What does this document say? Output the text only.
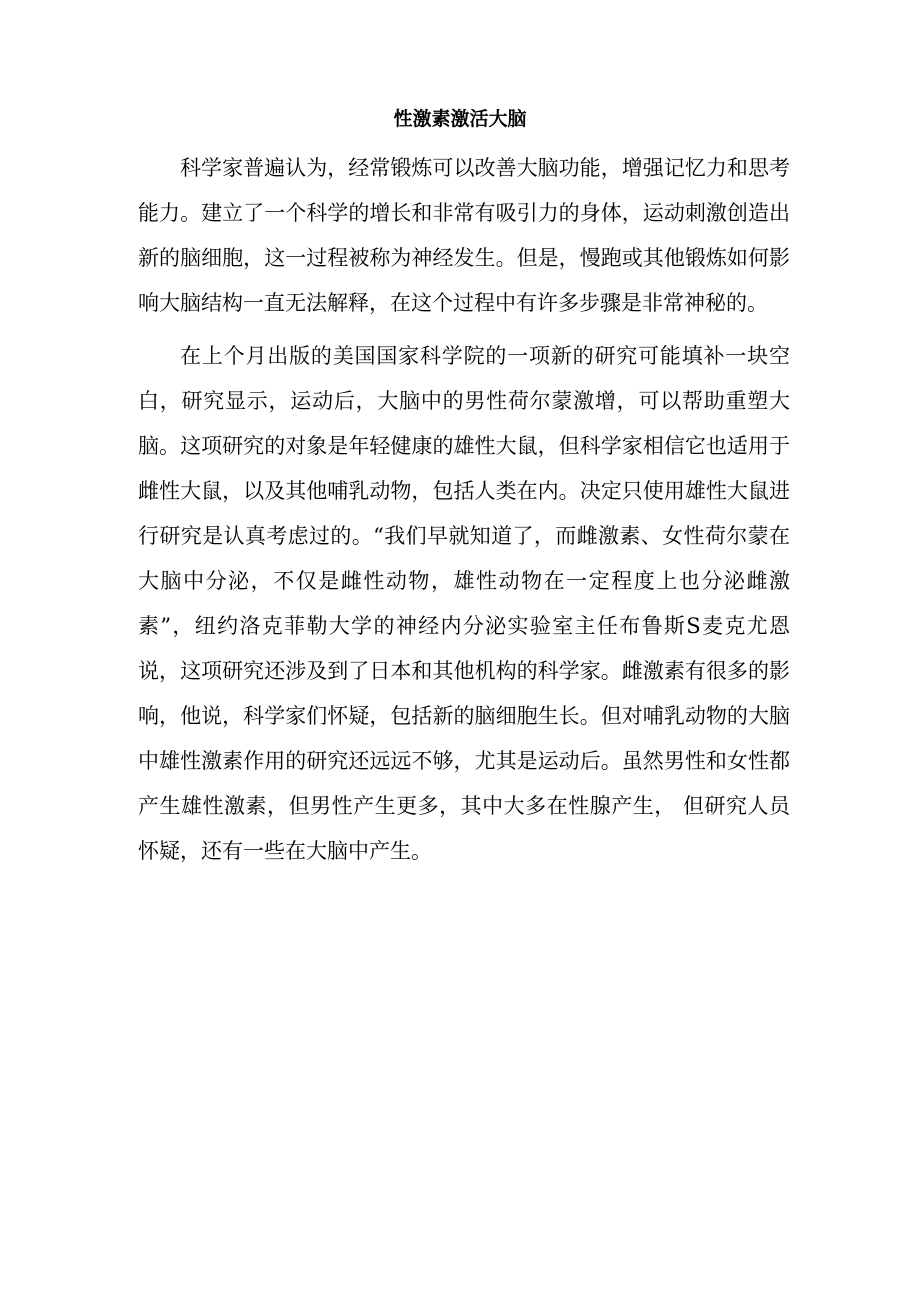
性激素激活大脑

科学家普遍认为，经常锻炼可以改善大脑功能，增强记忆力和思考能力。建立了一个科学的增长和非常有吸引力的身体，运动刺激创造出新的脑细胞，这一过程被称为神经发生。但是，慢跑或其他锻炼如何影响大脑结构一直无法解释，在这个过程中有许多步骤是非常神秘的。

在上个月出版的美国国家科学院的一项新的研究可能填补一块空白，研究显示，运动后，大脑中的男性荷尔蒙激增，可以帮助重塑大脑。这项研究的对象是年轻健康的雄性大鼠，但科学家相信它也适用于雌性大鼠，以及其他哺乳动物，包括人类在内。决定只使用雄性大鼠进行研究是认真考虑过的。“我们早就知道了，而雌激素、女性荷尔蒙在大脑中分泌，不仅是雌性动物，雄性动物在一定程度上也分泌雌激素”，纽约洛克菲勒大学的神经内分泌实验室主任布鲁斯S麦克尤恩说，这项研究还涉及到了日本和其他机构的科学家。雌激素有很多的影响，他说，科学家们怀疑，包括新的脑细胞生长。但对哺乳动物的大脑中雄性激素作用的研究还远远不够，尤其是运动后。虽然男性和女性都产生雄性激素，但男性产生更多，其中大多在性腺产生， 但研究人员怀疑，还有一些在大脑中产生。
